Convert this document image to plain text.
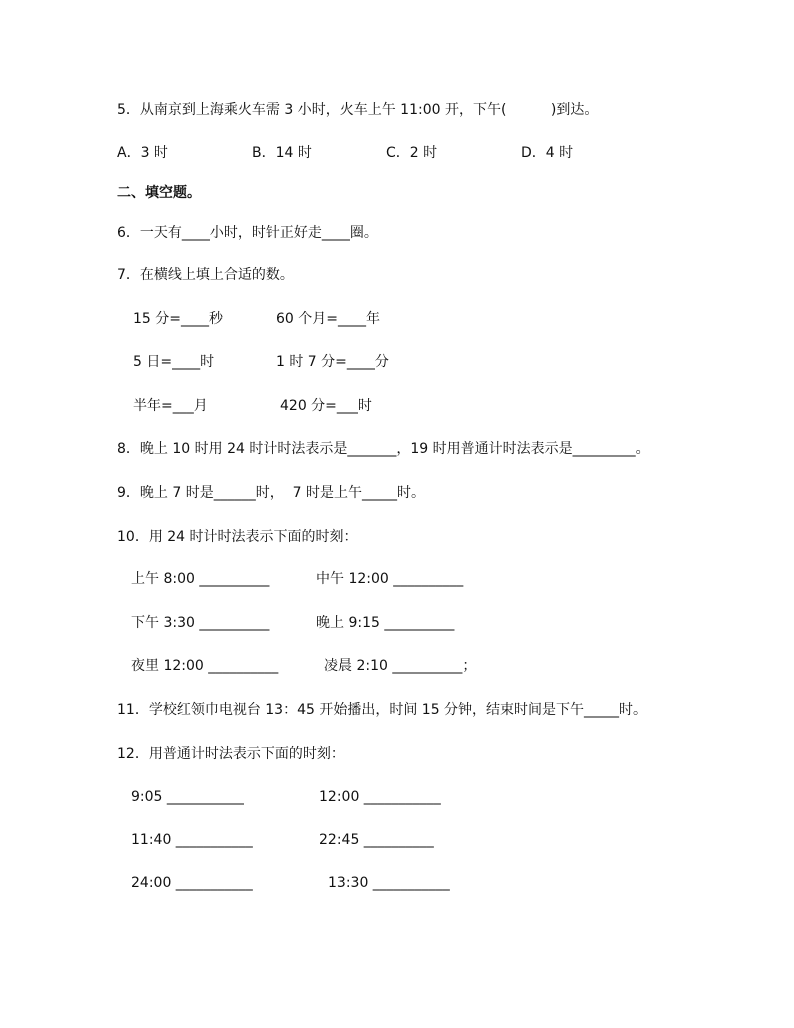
5．从南京到上海乘火车需 3 小时，火车上午 11:00 开，下午(          )到达。
A．3 时	B．14 时	C．2 时	D．4 时
二、填空题。
6．一天有____小时，时针正好走____圈。
7．在横线上填上合适的数。
15 分=____秒	60 个月=____年
5 日=____时	1 时 7 分=____分
半年=___月	420 分=___时
8．晚上 10 时用 24 时计时法表示是_______，19 时用普通计时法表示是_________。
9．晚上 7 时是______时，  7 时是上午_____时。
10．用 24 时计时法表示下面的时刻：
上午 8:00 __________	中午 12:00 __________
下午 3:30 __________	晚上 9:15 __________
夜里 12:00 __________	凌晨 2:10 __________；
11．学校红领巾电视台 13：45 开始播出，时间 15 分钟，结束时间是下午_____时。
12．用普通计时法表示下面的时刻：
9:05 ___________	12:00 ___________
11:40 ___________	22:45 __________
24:00 ___________	13:30 ___________
